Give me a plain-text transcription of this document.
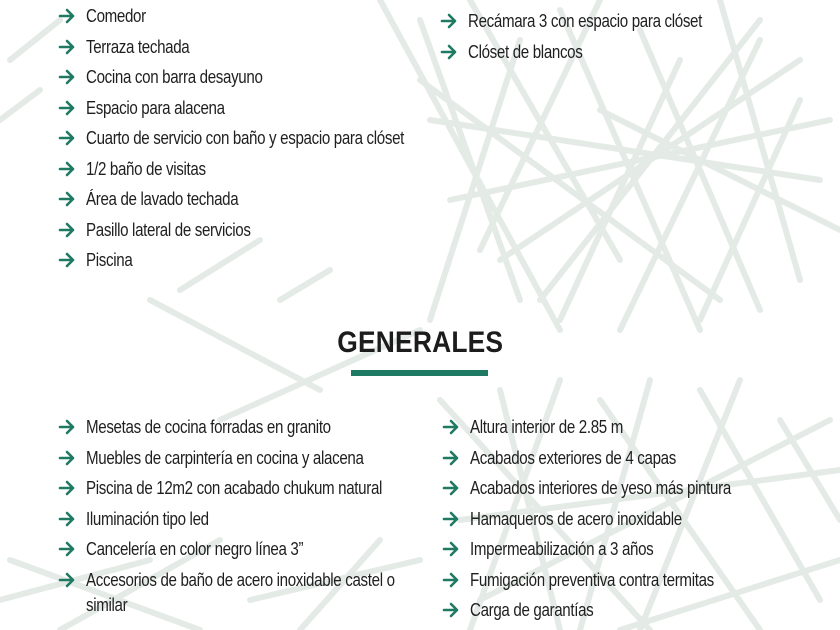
Comedor
Terraza techada
Cocina con barra desayuno
Espacio para alacena
Cuarto de servicio con baño y espacio para clóset
1/2 baño de visitas
Área de lavado techada
Pasillo lateral de servicios
Piscina
Recámara 3 con espacio para clóset
Clóset de blancos
GENERALES
Mesetas de cocina forradas en granito
Muebles de carpintería en cocina y alacena
Piscina de 12m2 con acabado chukum natural
Iluminación tipo led
Cancelería en color negro línea 3”
Accesorios de baño de acero inoxidable castel o similar
Altura interior de 2.85 m
Acabados exteriores de 4 capas
Acabados interiores de yeso más pintura
Hamaqueros de acero inoxidable
Impermeabilización a 3 años
Fumigación preventiva contra termitas
Carga de garantías
